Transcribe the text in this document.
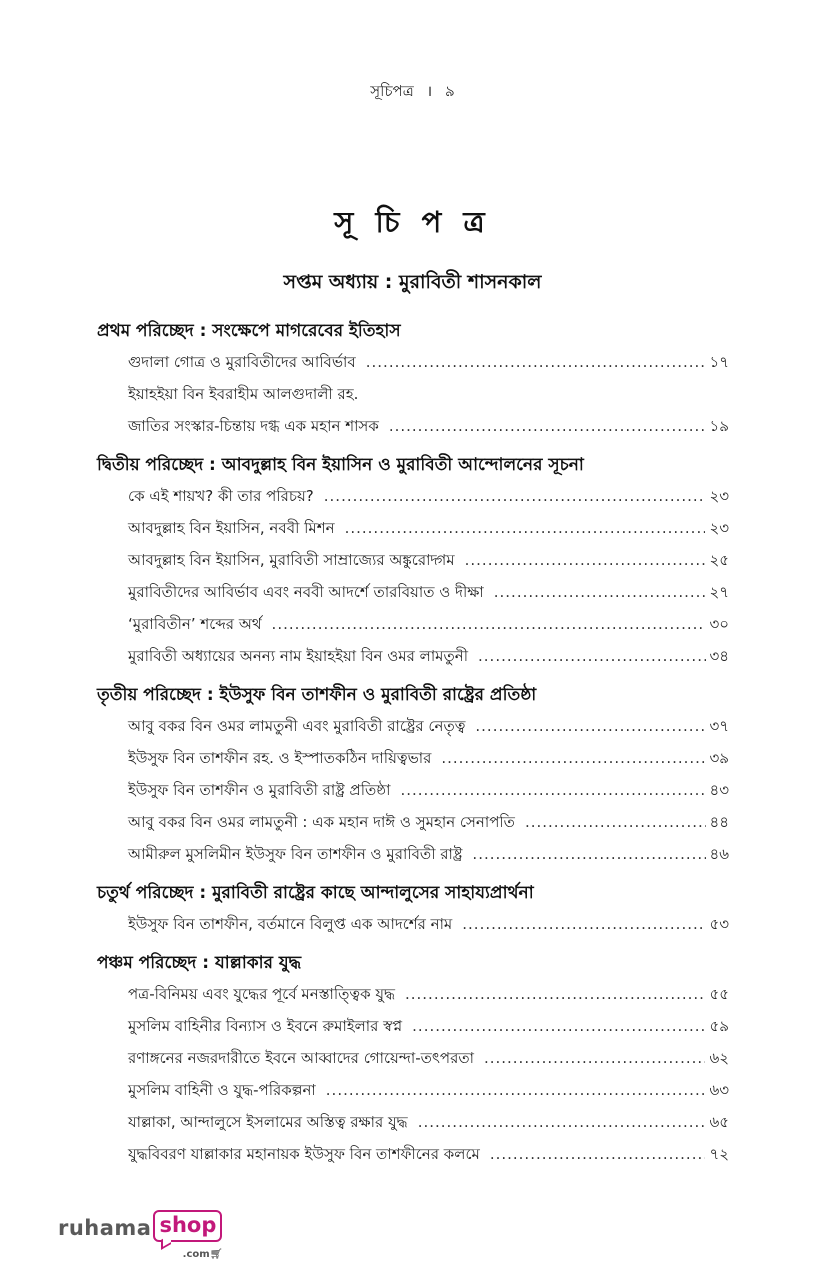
সূচিপত্র । ৯
সূ চি প ত্র
সপ্তম অধ্যায় : মুরাবিতী শাসনকাল
প্রথম পরিচ্ছেদ : সংক্ষেপে মাগরেবের ইতিহাস
গুদালা গোত্র ও মুরাবিতীদের আবির্ভাব .....	১৭
ইয়াহইয়া বিন ইবরাহীম আলগুদালী রহ.
জাতির সংস্কার-চিন্তায় দগ্ধ এক মহান শাসক .....	১৯
দ্বিতীয় পরিচ্ছেদ : আবদুল্লাহ বিন ইয়াসিন ও মুরাবিতী আন্দোলনের সূচনা
কে এই শায়খ? কী তার পরিচয়? .....	২৩
আবদুল্লাহ বিন ইয়াসিন, নববী মিশন .....	২৩
আবদুল্লাহ বিন ইয়াসিন, মুরাবিতী সাম্রাজ্যের অঙ্কুরোদ্গম .....	২৫
মুরাবিতীদের আবির্ভাব এবং নববী আদর্শে তারবিয়াত ও দীক্ষা .....	২৭
‘মুরাবিতীন’ শব্দের অর্থ .....	৩০
মুরাবিতী অধ্যায়ের অনন্য নাম ইয়াহইয়া বিন ওমর লামতুনী .....	৩৪
তৃতীয় পরিচ্ছেদ : ইউসুফ বিন তাশফীন ও মুরাবিতী রাষ্ট্রের প্রতিষ্ঠা
আবু বকর বিন ওমর লামতুনী এবং মুরাবিতী রাষ্ট্রের নেতৃত্ব .....	৩৭
ইউসুফ বিন তাশফীন রহ. ও ইস্পাতকঠিন দায়িত্বভার .....	৩৯
ইউসুফ বিন তাশফীন ও মুরাবিতী রাষ্ট্র প্রতিষ্ঠা .....	৪৩
আবু বকর বিন ওমর লামতুনী : এক মহান দাঈ ও সুমহান সেনাপতি .....	৪৪
আমীরুল মুসলিমীন ইউসুফ বিন তাশফীন ও মুরাবিতী রাষ্ট্র .....	৪৬
চতুর্থ পরিচ্ছেদ : মুরাবিতী রাষ্ট্রের কাছে আন্দালুসের সাহায্যপ্রার্থনা
ইউসুফ বিন তাশফীন, বর্তমানে বিলুপ্ত এক আদর্শের নাম .....	৫৩
পঞ্চম পরিচ্ছেদ : যাল্লাকার যুদ্ধ
পত্র-বিনিময় এবং যুদ্ধের পূর্বে মনস্তাত্ত্বিক যুদ্ধ .....	৫৫
মুসলিম বাহিনীর বিন্যাস ও ইবনে রুমাইলার স্বপ্ন .....	৫৯
রণাঙ্গনের নজরদারীতে ইবনে আব্বাদের গোয়েন্দা-তৎপরতা .....	৬২
মুসলিম বাহিনী ও যুদ্ধ-পরিকল্পনা .....	৬৩
যাল্লাকা, আন্দালুসে ইসলামের অস্তিত্ব রক্ষার যুদ্ধ .....	৬৫
যুদ্ধবিবরণ যাল্লাকার মহানায়ক ইউসুফ বিন তাশফীনের কলমে .....	৭২
ruhama shop
.com🛒︎
